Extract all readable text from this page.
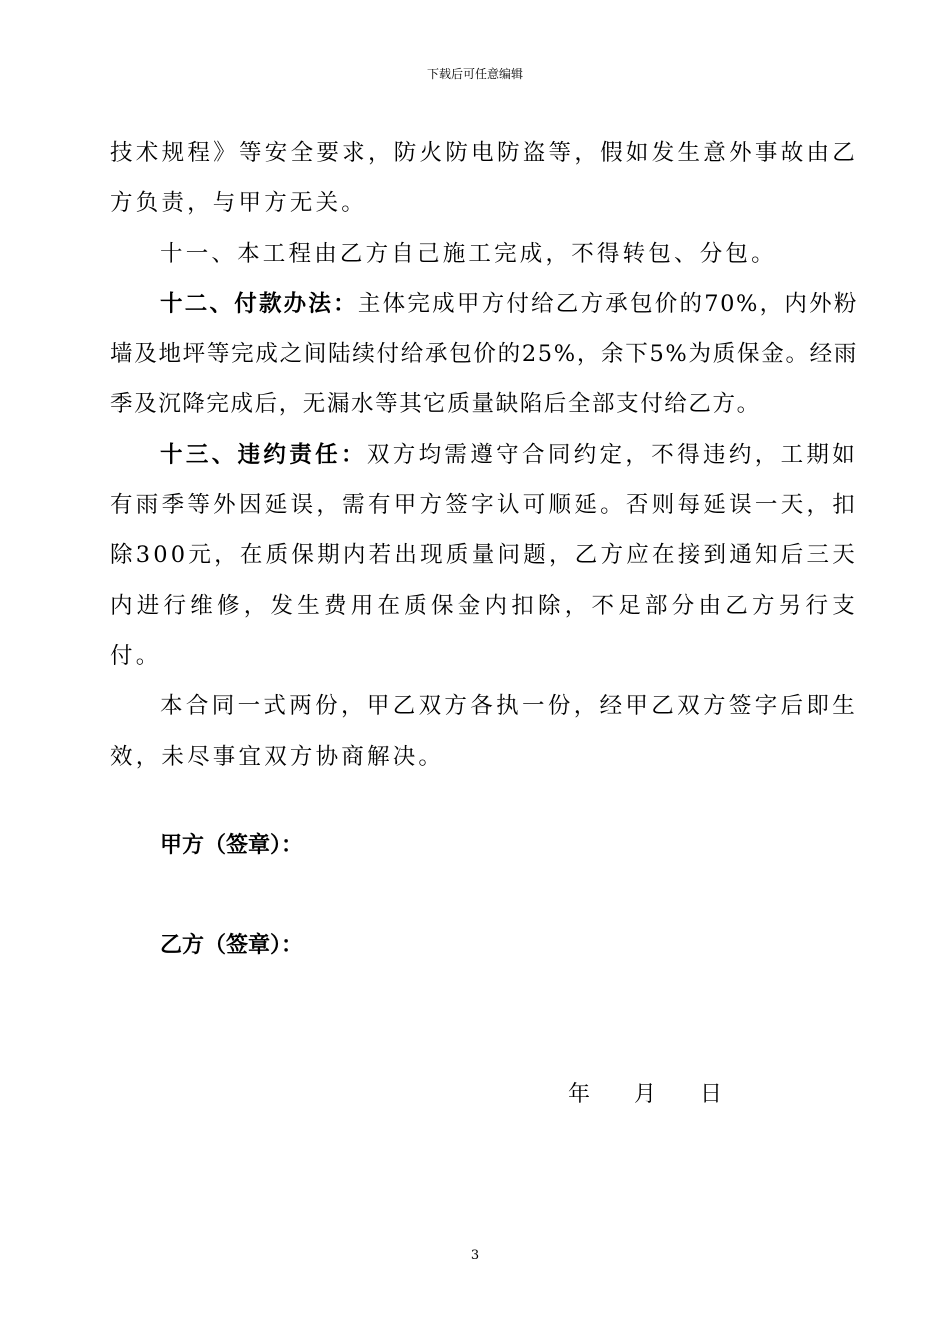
下载后可任意编辑

技术规程》等安全要求，防火防电防盗等，假如发生意外事故由乙方负责，与甲方无关。

十一、本工程由乙方自己施工完成，不得转包、分包。

十二、付款办法：主体完成甲方付给乙方承包价的70%，内外粉墙及地坪等完成之间陆续付给承包价的25%，余下5%为质保金。经雨季及沉降完成后，无漏水等其它质量缺陷后全部支付给乙方。

十三、违约责任：双方均需遵守合同约定，不得违约，工期如有雨季等外因延误，需有甲方签字认可顺延。否则每延误一天，扣除300元，在质保期内若出现质量问题，乙方应在接到通知后三天内进行维修，发生费用在质保金内扣除，不足部分由乙方另行支付。

本合同一式两份，甲乙双方各执一份，经甲乙双方签字后即生效，未尽事宜双方协商解决。

甲方（签章）：
乙方（签章）：
年 月 日
3
